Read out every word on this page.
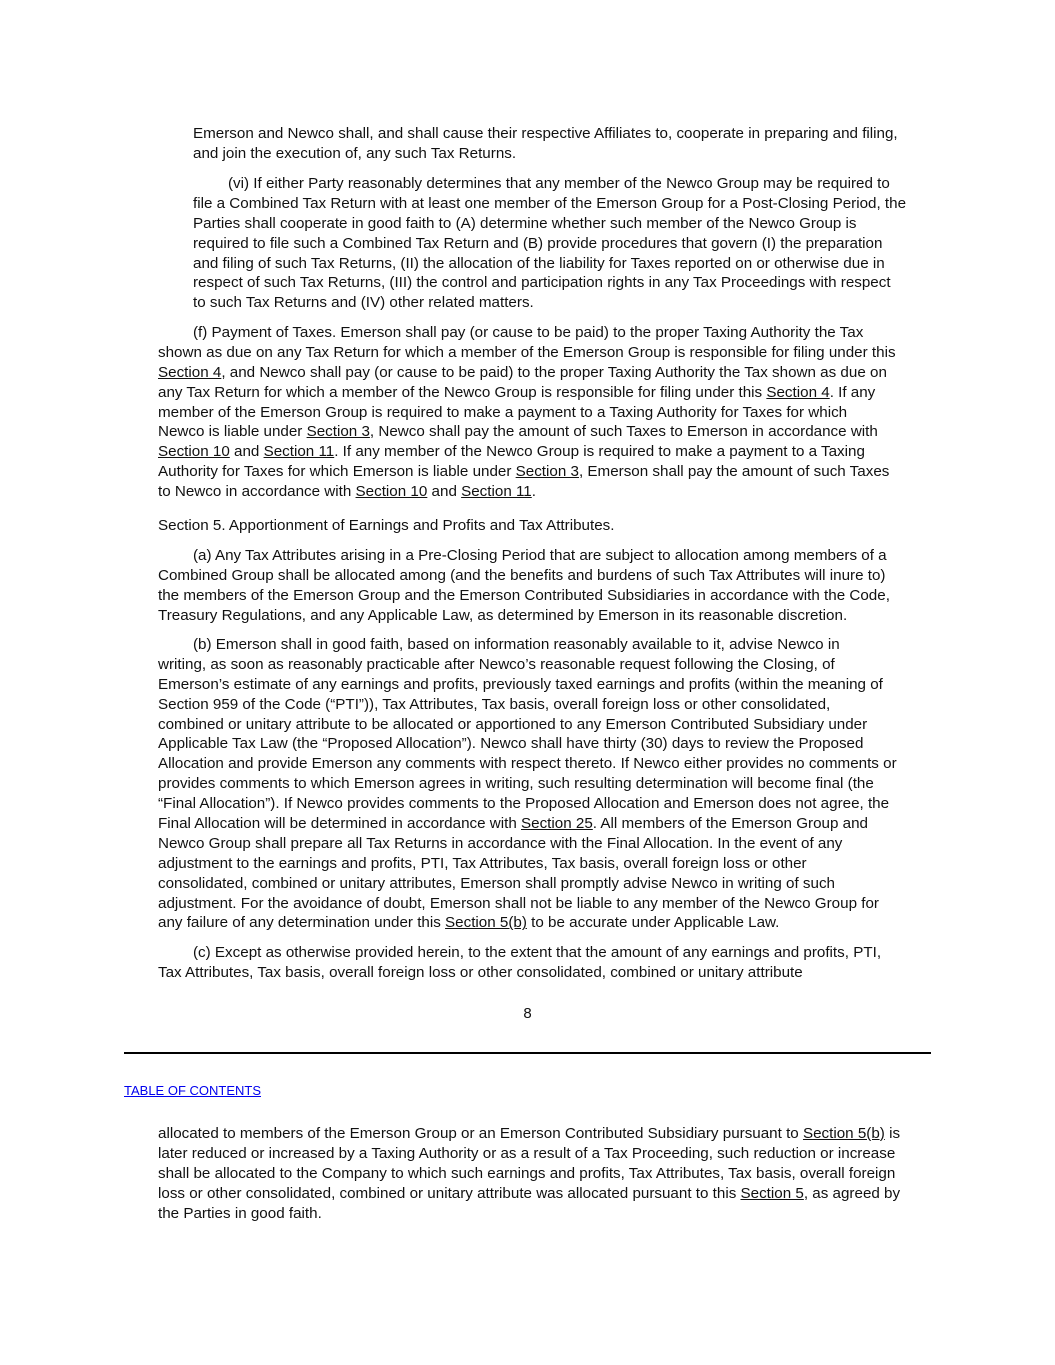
Emerson and Newco shall, and shall cause their respective Affiliates to, cooperate in preparing and filing,
and join the execution of, any such Tax Returns.
(vi) If either Party reasonably determines that any member of the Newco Group may be required to
file a Combined Tax Return with at least one member of the Emerson Group for a Post-Closing Period, the
Parties shall cooperate in good faith to (A) determine whether such member of the Newco Group is
required to file such a Combined Tax Return and (B) provide procedures that govern (I) the preparation
and filing of such Tax Returns, (II) the allocation of the liability for Taxes reported on or otherwise due in
respect of such Tax Returns, (III) the control and participation rights in any Tax Proceedings with respect
to such Tax Returns and (IV) other related matters.
(f) Payment of Taxes. Emerson shall pay (or cause to be paid) to the proper Taxing Authority the Tax
shown as due on any Tax Return for which a member of the Emerson Group is responsible for filing under this
Section 4, and Newco shall pay (or cause to be paid) to the proper Taxing Authority the Tax shown as due on
any Tax Return for which a member of the Newco Group is responsible for filing under this Section 4. If any
member of the Emerson Group is required to make a payment to a Taxing Authority for Taxes for which
Newco is liable under Section 3, Newco shall pay the amount of such Taxes to Emerson in accordance with
Section 10 and Section 11. If any member of the Newco Group is required to make a payment to a Taxing
Authority for Taxes for which Emerson is liable under Section 3, Emerson shall pay the amount of such Taxes
to Newco in accordance with Section 10 and Section 11.
Section 5. Apportionment of Earnings and Profits and Tax Attributes.
(a) Any Tax Attributes arising in a Pre-Closing Period that are subject to allocation among members of a
Combined Group shall be allocated among (and the benefits and burdens of such Tax Attributes will inure to)
the members of the Emerson Group and the Emerson Contributed Subsidiaries in accordance with the Code,
Treasury Regulations, and any Applicable Law, as determined by Emerson in its reasonable discretion.
(b) Emerson shall in good faith, based on information reasonably available to it, advise Newco in
writing, as soon as reasonably practicable after Newco’s reasonable request following the Closing, of
Emerson’s estimate of any earnings and profits, previously taxed earnings and profits (within the meaning of
Section 959 of the Code (“PTI”)), Tax Attributes, Tax basis, overall foreign loss or other consolidated,
combined or unitary attribute to be allocated or apportioned to any Emerson Contributed Subsidiary under
Applicable Tax Law (the “Proposed Allocation”). Newco shall have thirty (30) days to review the Proposed
Allocation and provide Emerson any comments with respect thereto. If Newco either provides no comments or
provides comments to which Emerson agrees in writing, such resulting determination will become final (the
“Final Allocation”). If Newco provides comments to the Proposed Allocation and Emerson does not agree, the
Final Allocation will be determined in accordance with Section 25. All members of the Emerson Group and
Newco Group shall prepare all Tax Returns in accordance with the Final Allocation. In the event of any
adjustment to the earnings and profits, PTI, Tax Attributes, Tax basis, overall foreign loss or other
consolidated, combined or unitary attributes, Emerson shall promptly advise Newco in writing of such
adjustment. For the avoidance of doubt, Emerson shall not be liable to any member of the Newco Group for
any failure of any determination under this Section 5(b) to be accurate under Applicable Law.
(c) Except as otherwise provided herein, to the extent that the amount of any earnings and profits, PTI,
Tax Attributes, Tax basis, overall foreign loss or other consolidated, combined or unitary attribute
8
TABLE OF CONTENTS
allocated to members of the Emerson Group or an Emerson Contributed Subsidiary pursuant to Section 5(b) is
later reduced or increased by a Taxing Authority or as a result of a Tax Proceeding, such reduction or increase
shall be allocated to the Company to which such earnings and profits, Tax Attributes, Tax basis, overall foreign
loss or other consolidated, combined or unitary attribute was allocated pursuant to this Section 5, as agreed by
the Parties in good faith.
